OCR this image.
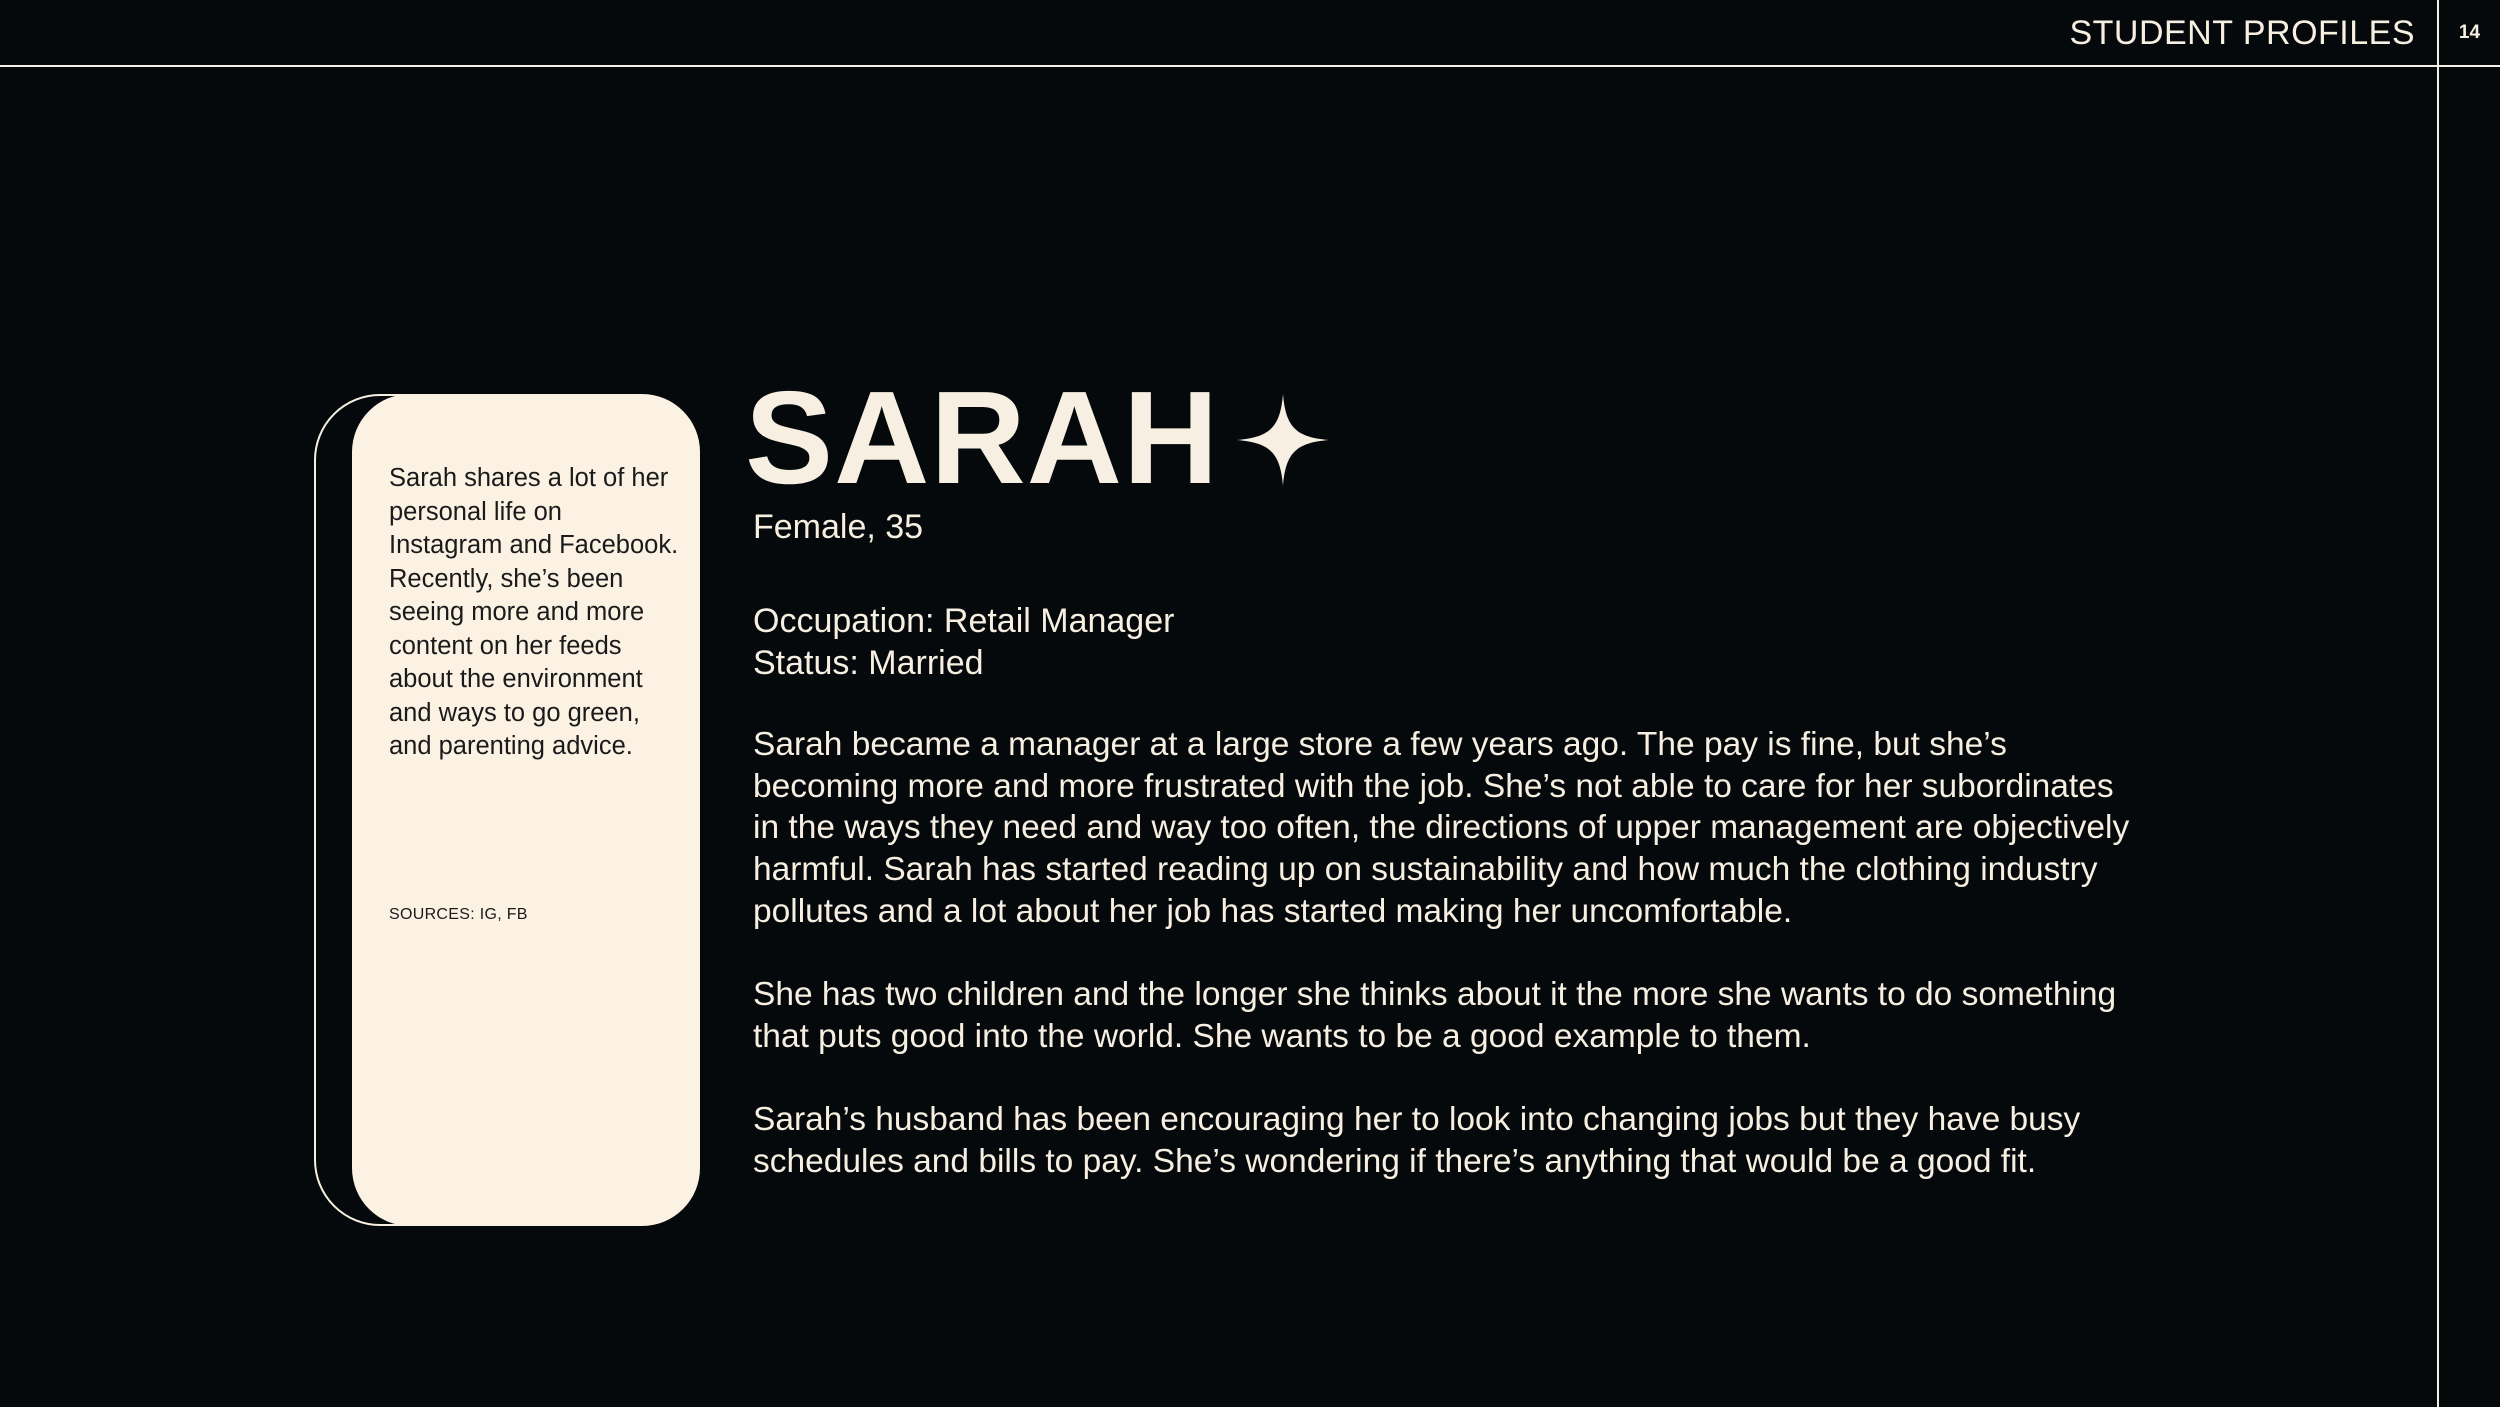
STUDENT PROFILES	14
Sarah shares a lot of her personal life on Instagram and Facebook. Recently, she’s been seeing more and more content on her feeds about the environment and ways to go green, and parenting advice.
SOURCES: IG, FB
SARAH
Female, 35
Occupation: Retail Manager
Status: Married

Sarah became a manager at a large store a few years ago. The pay is fine, but she’s becoming more and more frustrated with the job. She’s not able to care for her subordinates in the ways they need and way too often, the directions of upper management are objectively harmful. Sarah has started reading up on sustainability and how much the clothing industry pollutes and a lot about her job has started making her uncomfortable.

She has two children and the longer she thinks about it the more she wants to do something that puts good into the world. She wants to be a good example to them.

Sarah’s husband has been encouraging her to look into changing jobs but they have busy schedules and bills to pay. She’s wondering if there’s anything that would be a good fit.
